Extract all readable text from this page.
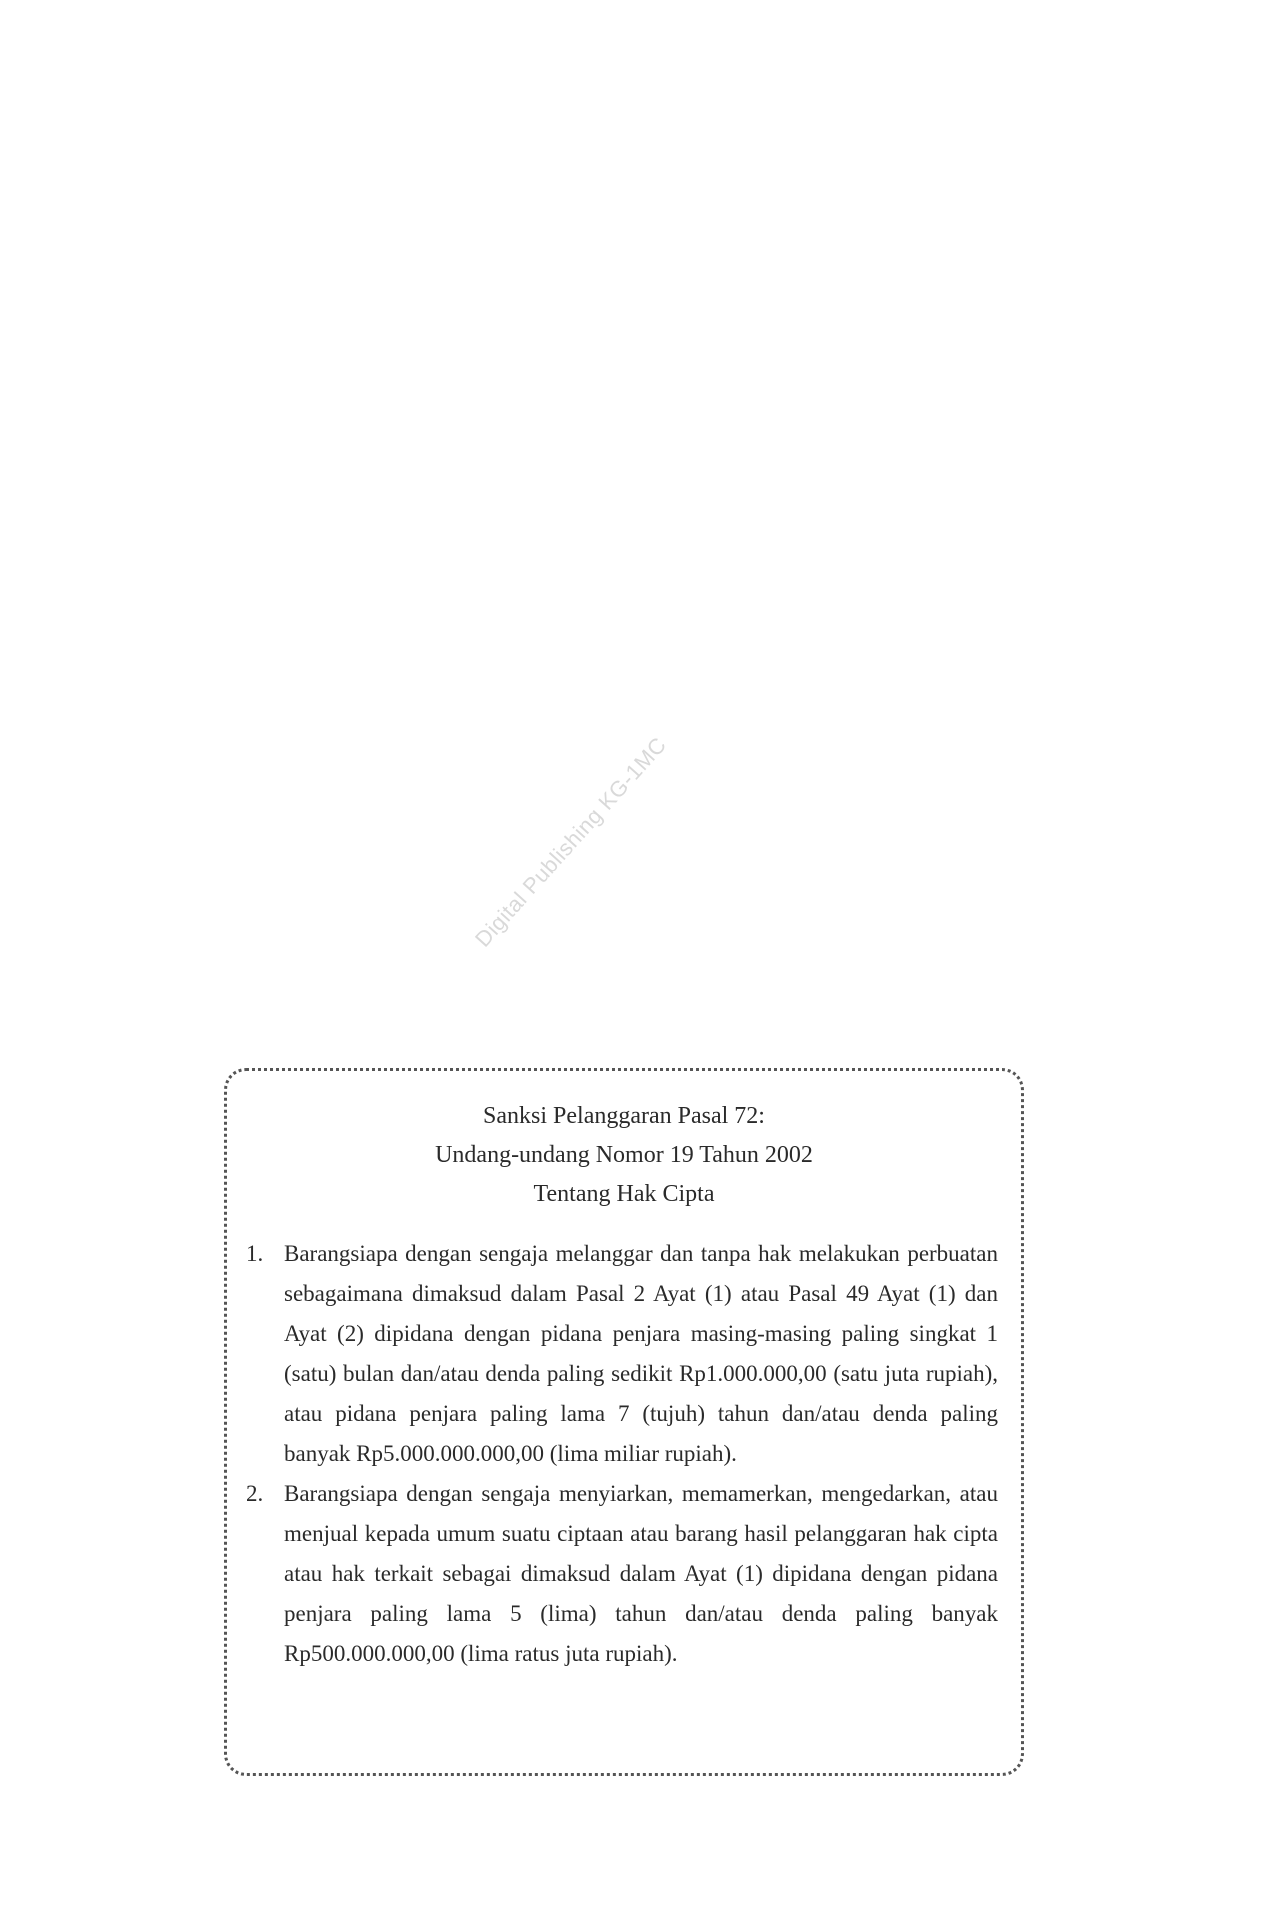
Digital Publishing KG-1MC
Sanksi Pelanggaran Pasal 72:
Undang-undang Nomor 19 Tahun 2002
Tentang Hak Cipta
1. Barangsiapa dengan sengaja melanggar dan tanpa hak melakukan perbuatan sebagaimana dimaksud dalam Pasal 2 Ayat (1) atau Pasal 49 Ayat (1) dan Ayat (2) dipidana dengan pidana penjara masing-masing paling singkat 1 (satu) bulan dan/atau denda paling sedikit Rp1.000.000,00 (satu juta rupiah), atau pidana penjara paling lama 7 (tujuh) tahun dan/atau denda paling banyak Rp5.000.000.000,00 (lima miliar rupiah).
2. Barangsiapa dengan sengaja menyiarkan, memamerkan, mengedarkan, atau menjual kepada umum suatu ciptaan atau barang hasil pelanggaran hak cipta atau hak terkait sebagai dimaksud dalam Ayat (1) dipidana dengan pidana penjara paling lama 5 (lima) tahun dan/atau denda paling banyak Rp500.000.000,00 (lima ratus juta rupiah).
